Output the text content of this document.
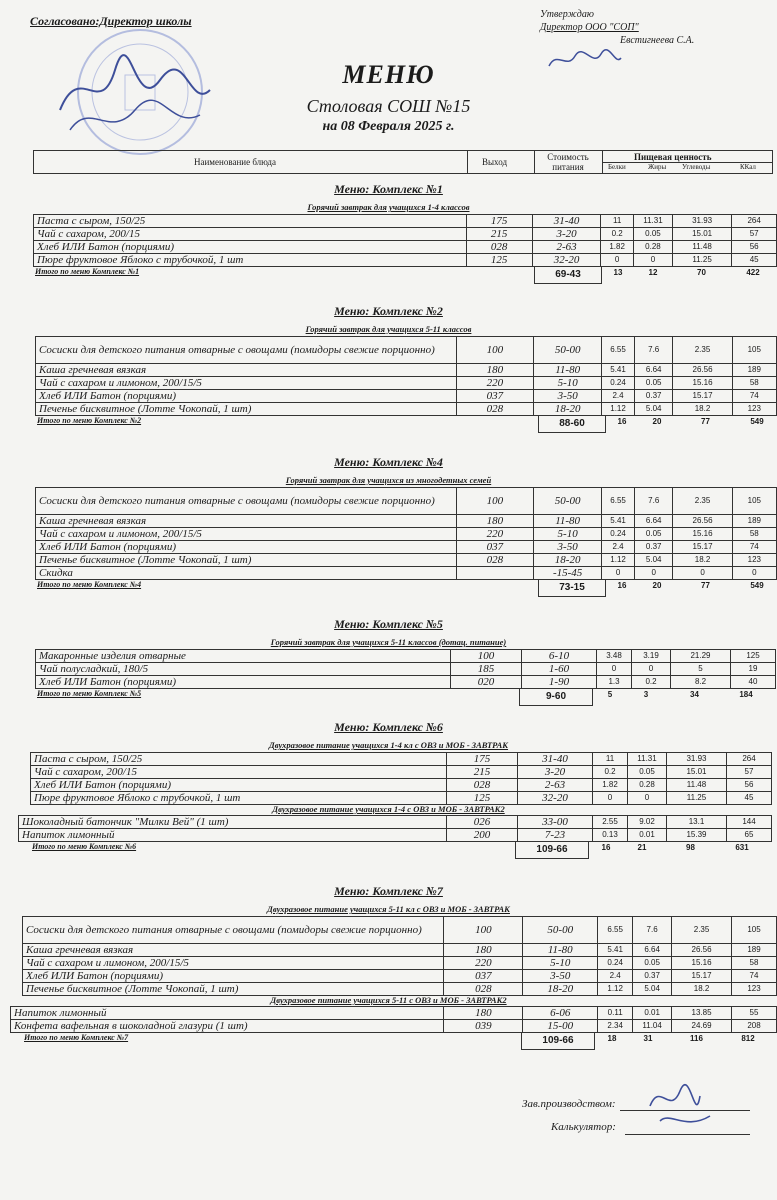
Согласовано:Директор школы	Утверждаю
Директор ООО "СОП"
Евстигнеева С.А.
МЕНЮ
Столовая СОШ №15
на 08 Февраля 2025 г.
Наименование блюда	Выход	Стоимость питания
Пищевая ценность
Белки	Жиры Углеводы	ККал
Меню: Комплекс №1
Горячий завтрак для учащихся 1-4 классов
Паста с сыром, 150/25	175	31-40	11	11.31	31.93	264
Чай с сахаром, 200/15	215	3-20	0.2	0.05	15.01	57
Хлеб ИЛИ Батон (порциями)	028	2-63	1.82	0.28	11.48	56
Пюре фруктовое Яблоко с трубочкой, 1 шт	125	32-20	0	0	11.25	45
Итого по меню Комплекс №1	69-43	13	12	70	422
Меню: Комплекс №2
Горячий завтрак для учащихся 5-11 классов
Сосиски для детского питания отварные с овощами (помидоры свежие порционно)	100	50-00	6.55	7.6	2.35	105
Каша гречневая вязкая	180	11-80	5.41	6.64	26.56	189
Чай с сахаром и лимоном, 200/15/5	220	5-10	0.24	0.05	15.16	58
Хлеб ИЛИ Батон (порциями)	037	3-50	2.4	0.37	15.17	74
Печенье бисквитное (Лотте Чокопай, 1 шт)	028	18-20	1.12	5.04	18.2	123
Итого по меню Комплекс №2	88-60	16	20	77	549
Меню: Комплекс №4
Горячий завтрак для учащихся из многодетных семей
Сосиски для детского питания отварные с овощами (помидоры свежие порционно)	100	50-00	6.55	7.6	2.35	105
Каша гречневая вязкая	180	11-80	5.41	6.64	26.56	189
Чай с сахаром и лимоном, 200/15/5	220	5-10	0.24	0.05	15.16	58
Хлеб ИЛИ Батон (порциями)	037	3-50	2.4	0.37	15.17	74
Печенье бисквитное (Лотте Чокопай, 1 шт)	028	18-20	1.12	5.04	18.2	123
Скидка		-15-45	0	0	0	0
Итого по меню Комплекс №4	73-15	16	20	77	549
Меню: Комплекс №5
Горячий завтрак для учащихся 5-11 классов (дотац. питание)
Макаронные изделия отварные	100	6-10	3.48	3.19	21.29	125
Чай полусладкий, 180/5	185	1-60	0	0	5	19
Хлеб ИЛИ Батон (порциями)	020	1-90	1.3	0.2	8.2	40
Итого по меню Комплекс №5	9-60	5	3	34	184
Меню: Комплекс №6
Двухразовое питание учащихся 1-4 кл с ОВЗ и МОБ - ЗАВТРАК
Паста с сыром, 150/25	175	31-40	11	11.31	31.93	264
Чай с сахаром, 200/15	215	3-20	0.2	0.05	15.01	57
Хлеб ИЛИ Батон (порциями)	028	2-63	1.82	0.28	11.48	56
Пюре фруктовое Яблоко с трубочкой, 1 шт	125	32-20	0	0	11.25	45
Двухразовое питание учащихся 1-4 с ОВЗ и МОБ - ЗАВТРАК2
Шоколадный батончик "Милки Вей" (1 шт)	026	33-00	2.55	9.02	13.1	144
Напиток лимонный	200	7-23	0.13	0.01	15.39	65
Итого по меню Комплекс №6	109-66	16	21	98	631
Меню: Комплекс №7
Двухразовое питание учащихся 5-11 кл с ОВЗ и МОБ - ЗАВТРАК
Сосиски для детского питания отварные с овощами (помидоры свежие порционно)	100	50-00	6.55	7.6	2.35	105
Каша гречневая вязкая	180	11-80	5.41	6.64	26.56	189
Чай с сахаром и лимоном, 200/15/5	220	5-10	0.24	0.05	15.16	58
Хлеб ИЛИ Батон (порциями)	037	3-50	2.4	0.37	15.17	74
Печенье бисквитное (Лотте Чокопай, 1 шт)	028	18-20	1.12	5.04	18.2	123
Двухразовое питание учащихся 5-11 с ОВЗ и МОБ - ЗАВТРАК2
Напиток лимонный	180	6-06	0.11	0.01	13.85	55
Конфета вафельная в шоколадной глазури (1 шт)	039	15-00	2.34	11.04	24.69	208
Итого по меню Комплекс №7	109-66	18	31	116	812
Зав.производством:
Калькулятор:
